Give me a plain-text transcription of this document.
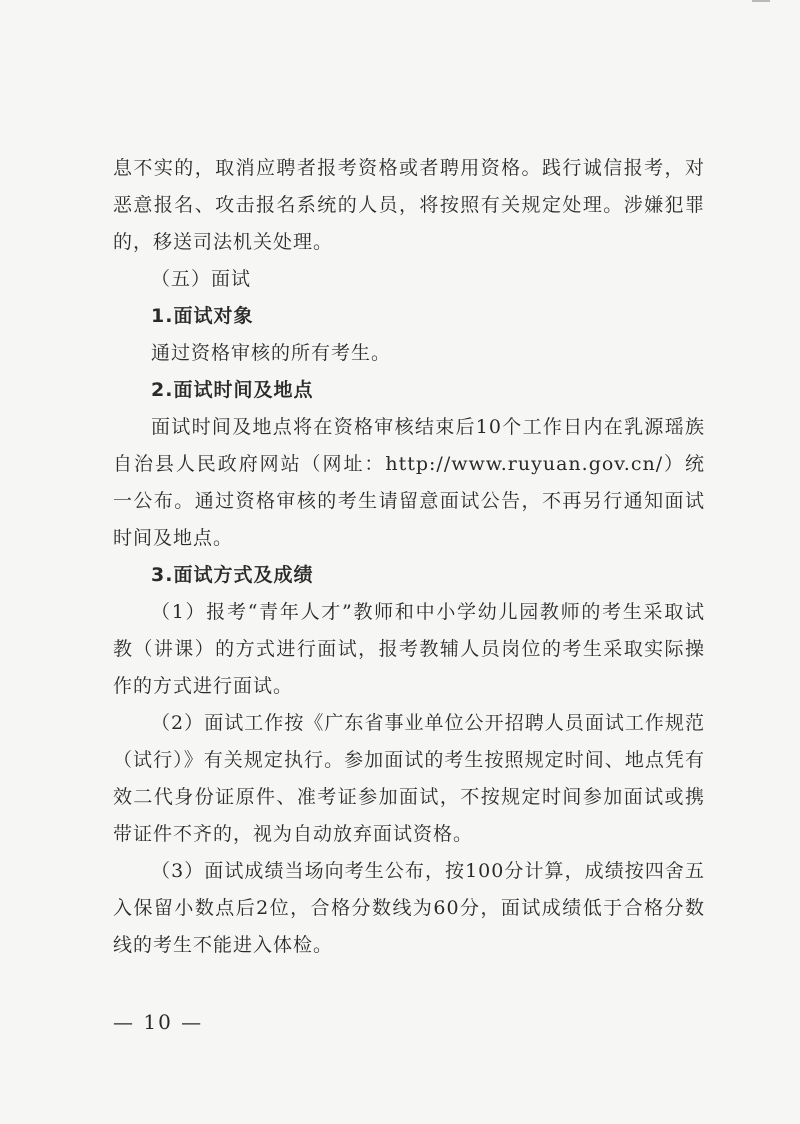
息不实的，取消应聘者报考资格或者聘用资格。践行诚信报考，对恶意报名、攻击报名系统的人员，将按照有关规定处理。涉嫌犯罪的，移送司法机关处理。

（五）面试

1.面试对象

通过资格审核的所有考生。

2.面试时间及地点

面试时间及地点将在资格审核结束后10个工作日内在乳源瑶族自治县人民政府网站（网址：http://www.ruyuan.gov.cn/）统一公布。通过资格审核的考生请留意面试公告，不再另行通知面试时间及地点。

3.面试方式及成绩

（1）报考“青年人才”教师和中小学幼儿园教师的考生采取试教（讲课）的方式进行面试，报考教辅人员岗位的考生采取实际操作的方式进行面试。

（2）面试工作按《广东省事业单位公开招聘人员面试工作规范（试行）》有关规定执行。参加面试的考生按照规定时间、地点凭有效二代身份证原件、准考证参加面试，不按规定时间参加面试或携带证件不齐的，视为自动放弃面试资格。

（3）面试成绩当场向考生公布，按100分计算，成绩按四舍五入保留小数点后2位，合格分数线为60分，面试成绩低于合格分数线的考生不能进入体检。

— 10 —
